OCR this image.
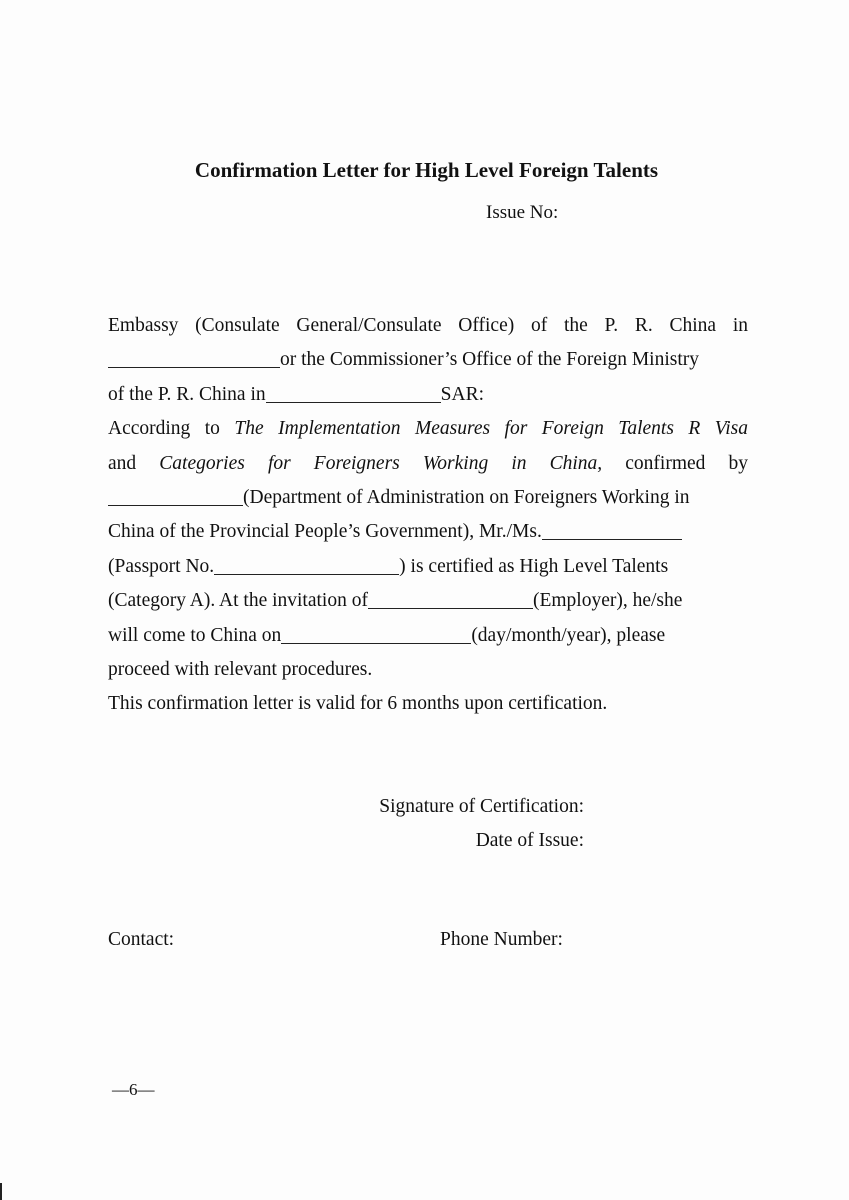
Confirmation Letter for High Level Foreign Talents
Issue No:
Embassy (Consulate General/Consulate Office) of the P. R. China in
or the Commissioner’s Office of the Foreign Ministry
of the P. R. China in	SAR:
According to The Implementation Measures for Foreign Talents R Visa
and Categories for Foreigners Working in China, confirmed by
(Department of Administration on Foreigners Working in
China of the Provincial People’s Government), Mr./Ms.
(Passport No.	) is certified as High Level Talents
(Category A). At the invitation of	(Employer), he/she
will come to China on	(day/month/year), please
proceed with relevant procedures.
This confirmation letter is valid for 6 months upon certification.
Signature of Certification:
Date of Issue:
Contact:	Phone Number:
—6—
